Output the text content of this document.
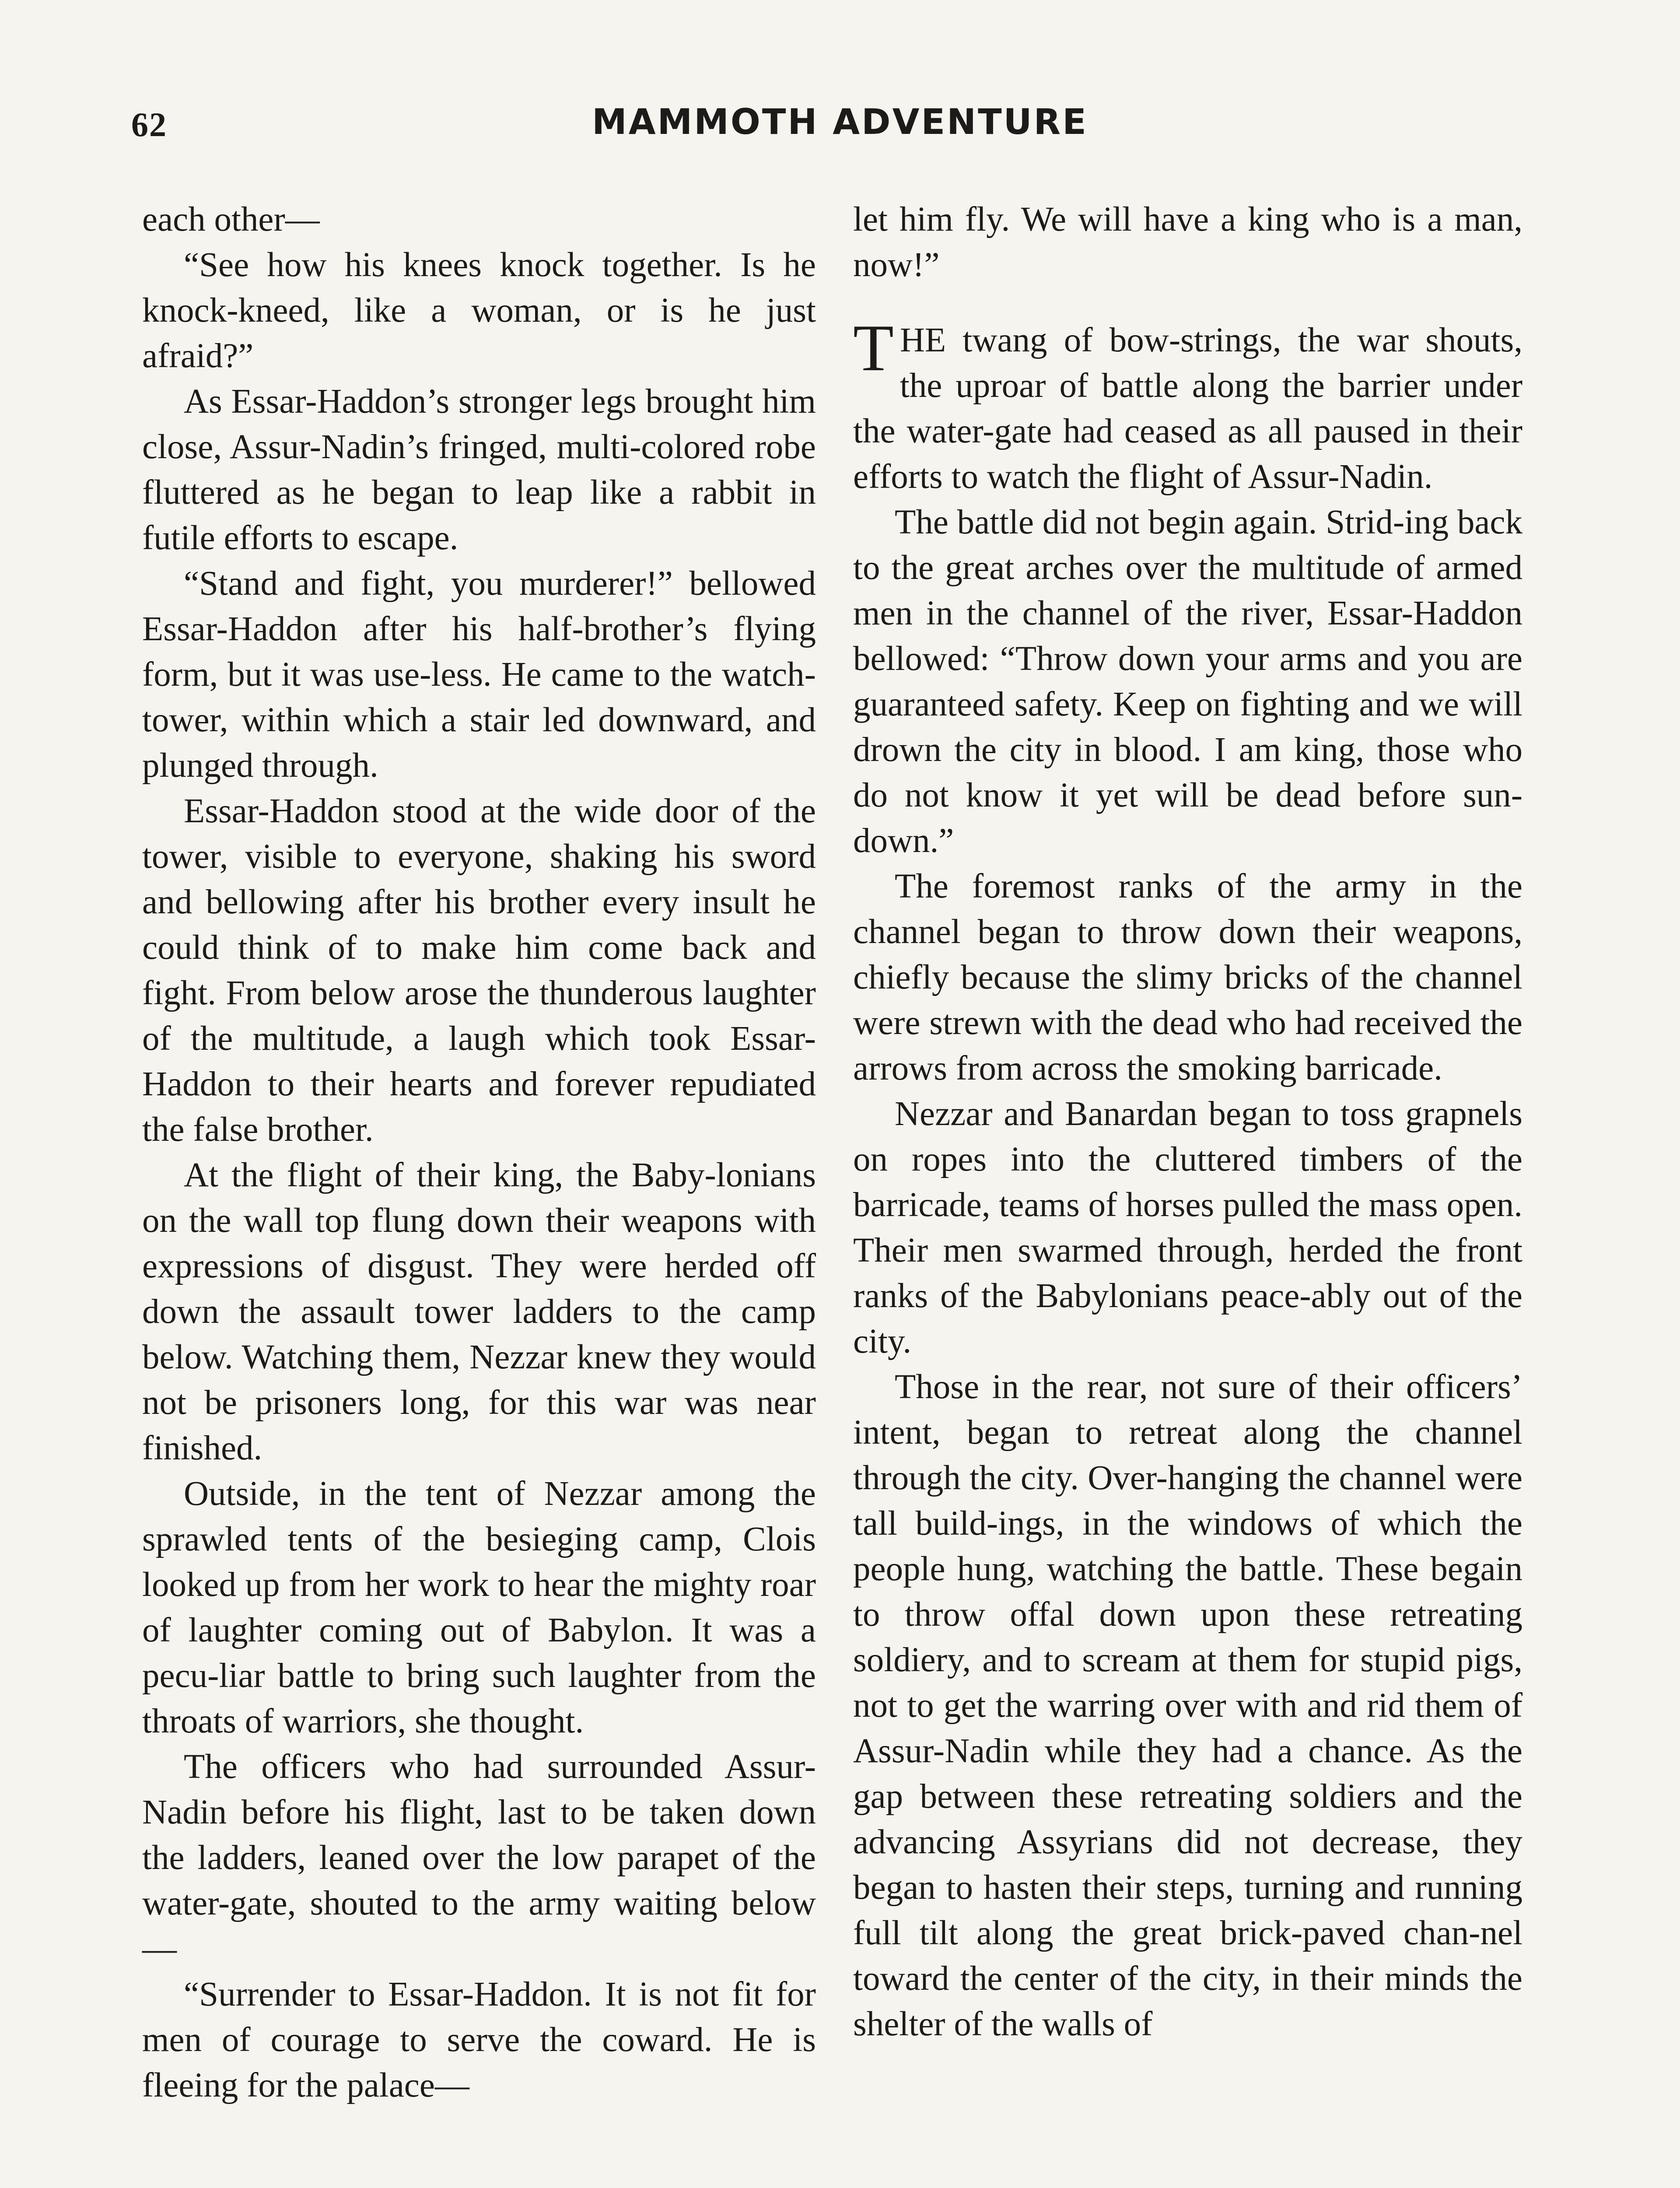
62	MAMMOTH ADVENTURE

each other—

“See how his knees knock together. Is he knock-kneed, like a woman, or is he just afraid?”

As Essar-Haddon’s stronger legs brought him close, Assur-Nadin’s fringed, multi-colored robe fluttered as he began to leap like a rabbit in futile efforts to escape.

“Stand and fight, you murderer!” bellowed Essar-Haddon after his half-brother’s flying form, but it was use-less. He came to the watch-tower, within which a stair led downward, and plunged through.

Essar-Haddon stood at the wide door of the tower, visible to everyone, shaking his sword and bellowing after his brother every insult he could think of to make him come back and fight. From below arose the thunderous laughter of the multitude, a laugh which took Essar-Haddon to their hearts and forever repudiated the false brother.

At the flight of their king, the Baby-lonians on the wall top flung down their weapons with expressions of disgust. They were herded off down the assault tower ladders to the camp below. Watching them, Nezzar knew they would not be prisoners long, for this war was near finished.

Outside, in the tent of Nezzar among the sprawled tents of the besieging camp, Clois looked up from her work to hear the mighty roar of laughter coming out of Babylon. It was a pecu-liar battle to bring such laughter from the throats of warriors, she thought.

The officers who had surrounded Assur-Nadin before his flight, last to be taken down the ladders, leaned over the low parapet of the water-gate, shouted to the army waiting below—

“Surrender to Essar-Haddon. It is not fit for men of courage to serve the coward. He is fleeing for the palace—

let him fly. We will have a king who is a man, now!”

THE twang of bow-strings, the war shouts, the uproar of battle along the barrier under the water-gate had ceased as all paused in their efforts to watch the flight of Assur-Nadin.

The battle did not begin again. Strid-ing back to the great arches over the multitude of armed men in the channel of the river, Essar-Haddon bellowed: “Throw down your arms and you are guaranteed safety. Keep on fighting and we will drown the city in blood. I am king, those who do not know it yet will be dead before sun-down.”

The foremost ranks of the army in the channel began to throw down their weapons, chiefly because the slimy bricks of the channel were strewn with the dead who had received the arrows from across the smoking barricade.

Nezzar and Banardan began to toss grapnels on ropes into the cluttered timbers of the barricade, teams of horses pulled the mass open. Their men swarmed through, herded the front ranks of the Babylonians peace-ably out of the city.

Those in the rear, not sure of their officers’ intent, began to retreat along the channel through the city. Over-hanging the channel were tall build-ings, in the windows of which the people hung, watching the battle. These begain to throw offal down upon these retreating soldiery, and to scream at them for stupid pigs, not to get the warring over with and rid them of Assur-Nadin while they had a chance. As the gap between these retreating soldiers and the advancing Assyrians did not decrease, they began to hasten their steps, turning and running full tilt along the great brick-paved chan-nel toward the center of the city, in their minds the shelter of the walls of
